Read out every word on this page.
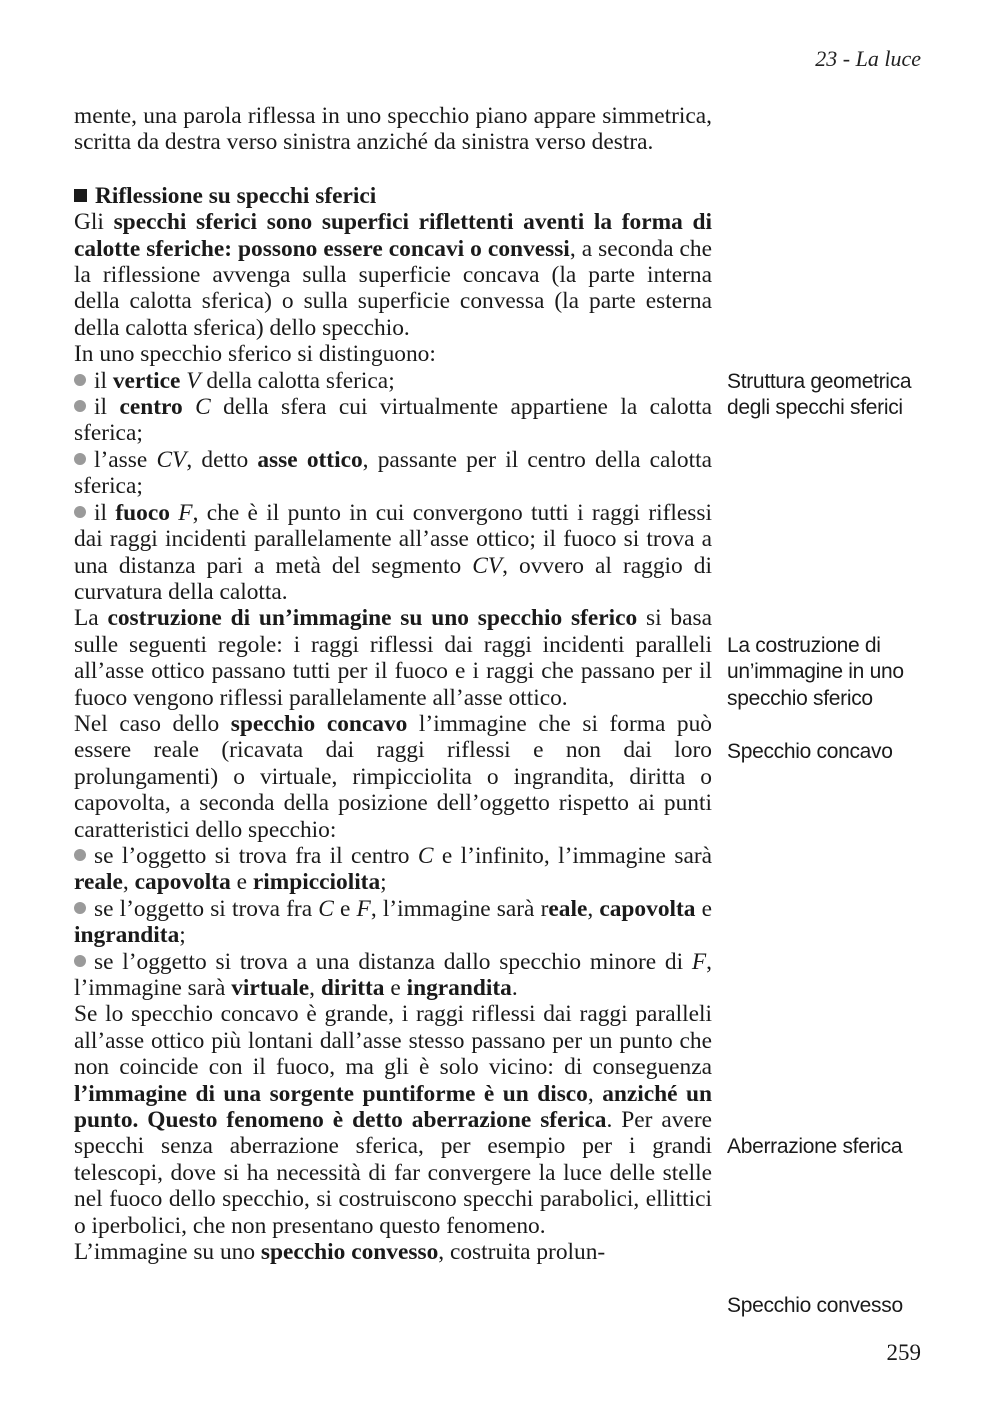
23 - La luce

mente, una parola riflessa in uno specchio piano appare simmetrica, scritta da destra verso sinistra anziché da sinistra verso destra.

Riflessione su specchi sferici

Gli specchi sferici sono superfici riflettenti aventi la forma di calotte sferiche: possono essere concavi o convessi, a seconda che la riflessione avvenga sulla superficie concava (la parte interna della calotta sferica) o sulla superficie convessa (la parte esterna della calotta sferica) dello specchio.

In uno specchio sferico si distinguono:

il vertice V della calotta sferica;

il centro C della sfera cui virtualmente appartiene la calotta sferica;

l’asse CV, detto asse ottico, passante per il centro della calotta sferica;

il fuoco F, che è il punto in cui convergono tutti i raggi riflessi dai raggi incidenti parallelamente all’asse ottico; il fuoco si trova a una distanza pari a metà del segmento CV, ovvero al raggio di curvatura della calotta.

La costruzione di un’immagine su uno specchio sferico si basa sulle seguenti regole: i raggi riflessi dai raggi incidenti paralleli all’asse ottico passano tutti per il fuoco e i raggi che passano per il fuoco vengono riflessi parallelamente all’asse ottico.

Nel caso dello specchio concavo l’immagine che si forma può essere reale (ricavata dai raggi riflessi e non dai loro prolungamenti) o virtuale, rimpicciolita o ingrandita, diritta o capovolta, a seconda della posizione dell’oggetto rispetto ai punti caratteristici dello specchio:

se l’oggetto si trova fra il centro C e l’infinito, l’immagine sarà reale, capovolta e rimpicciolita;

se l’oggetto si trova fra C e F, l’immagine sarà reale, capovolta e ingrandita;

se l’oggetto si trova a una distanza dallo specchio minore di F, l’immagine sarà virtuale, diritta e ingrandita.

Se lo specchio concavo è grande, i raggi riflessi dai raggi paralleli all’asse ottico più lontani dall’asse stesso passano per un punto che non coincide con il fuoco, ma gli è solo vicino: di conseguenza l’immagine di una sorgente puntiforme è un disco, anziché un punto. Questo fenomeno è detto aberrazione sferica. Per avere specchi senza aberrazione sferica, per esempio per i grandi telescopi, dove si ha necessità di far convergere la luce delle stelle nel fuoco dello specchio, si costruiscono specchi parabolici, ellittici o iperbolici, che non presentano questo fenomeno.

L’immagine su uno specchio convesso, costruita prolun-

Struttura geometrica degli specchi sferici
La costruzione di un’immagine in uno specchio sferico
Specchio concavo
Aberrazione sferica
Specchio convesso
259
